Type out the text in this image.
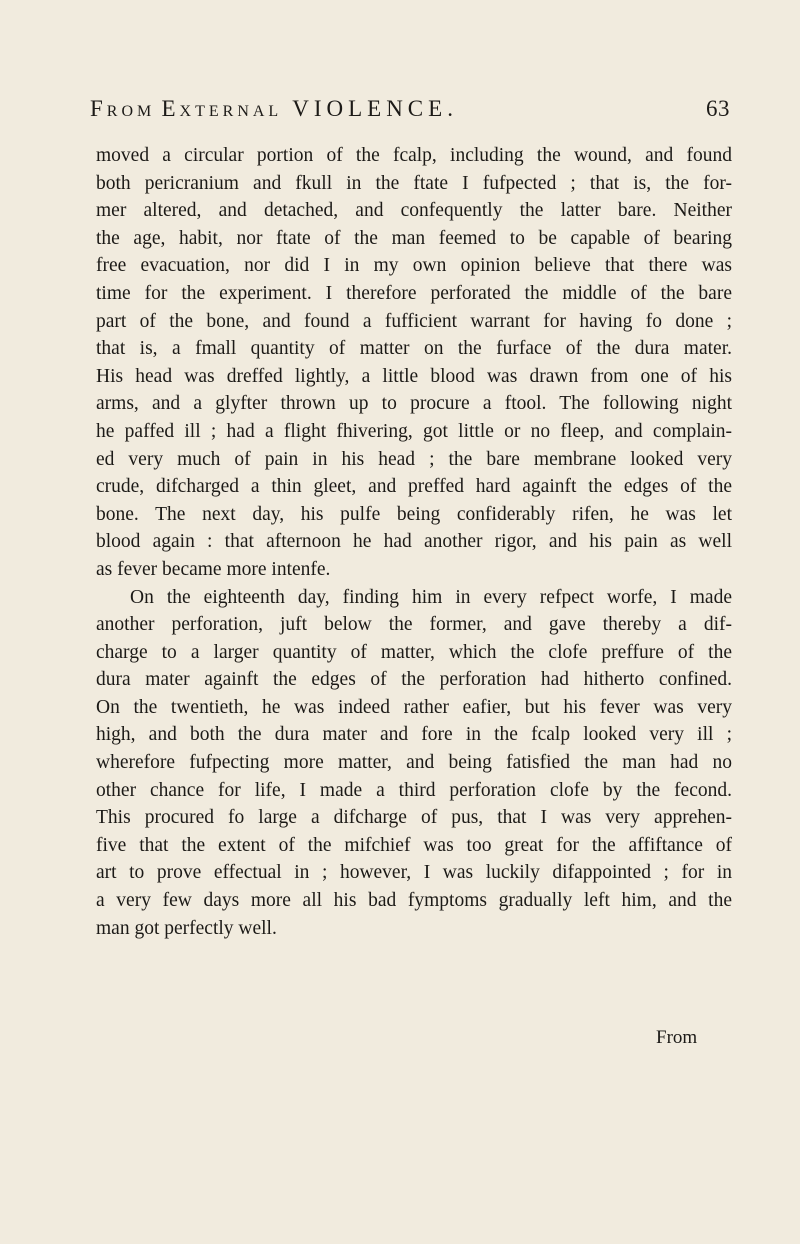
From External VIOLENCE.	63
moved a circular portion of the fcalp, including the wound, and found
both pericranium and fkull in the ftate I fufpected ; that is, the for-
mer altered, and detached, and confequently the latter bare. Neither
the age, habit, nor ftate of the man feemed to be capable of bearing
free evacuation, nor did I in my own opinion believe that there was
time for the experiment. I therefore perforated the middle of the bare
part of the bone, and found a fufficient warrant for having fo done ;
that is, a fmall quantity of matter on the furface of the dura mater.
His head was dreffed lightly, a little blood was drawn from one of his
arms, and a glyfter thrown up to procure a ftool. The following night
he paffed ill ; had a flight fhivering, got little or no fleep, and complain-
ed very much of pain in his head ; the bare membrane looked very
crude, difcharged a thin gleet, and preffed hard againft the edges of the
bone. The next day, his pulfe being confiderably rifen, he was let
blood again : that afternoon he had another rigor, and his pain as well
as fever became more intenfe.
On the eighteenth day, finding him in every refpect worfe, I made
another perforation, juft below the former, and gave thereby a dif-
charge to a larger quantity of matter, which the clofe preffure of the
dura mater againft the edges of the perforation had hitherto confined.
On the twentieth, he was indeed rather eafier, but his fever was very
high, and both the dura mater and fore in the fcalp looked very ill ;
wherefore fufpecting more matter, and being fatisfied the man had no
other chance for life, I made a third perforation clofe by the fecond.
This procured fo large a difcharge of pus, that I was very apprehen-
five that the extent of the mifchief was too great for the affiftance of
art to prove effectual in ; however, I was luckily difappointed ; for in
a very few days more all his bad fymptoms gradually left him, and the
man got perfectly well.
From
